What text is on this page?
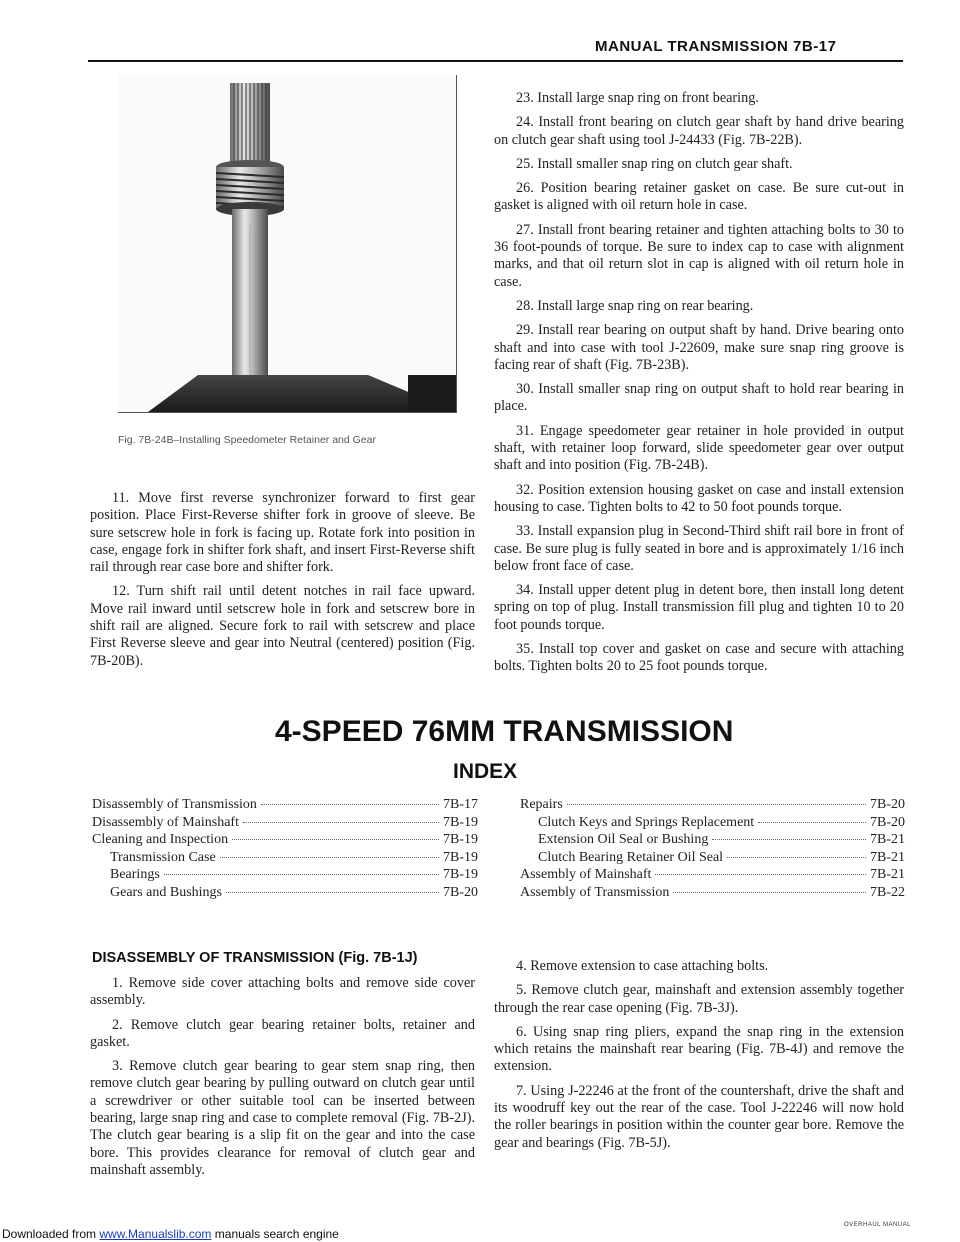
MANUAL TRANSMISSION 7B-17
Fig. 7B-24B–Installing Speedometer Retainer and Gear

11. Move first reverse synchronizer forward to first gear position. Place First-Reverse shifter fork in groove of sleeve. Be sure setscrew hole in fork is facing up. Rotate fork into position in case, engage fork in shifter fork shaft, and insert First-Reverse shift rail through rear case bore and shifter fork.

12. Turn shift rail until detent notches in rail face upward. Move rail inward until setscrew hole in fork and setscrew bore in shift rail are aligned. Secure fork to rail with setscrew and place First Reverse sleeve and gear into Neutral (centered) position (Fig. 7B-20B).

23. Install large snap ring on front bearing.

24. Install front bearing on clutch gear shaft by hand drive bearing on clutch gear shaft using tool J-24433 (Fig. 7B-22B).

25. Install smaller snap ring on clutch gear shaft.

26. Position bearing retainer gasket on case. Be sure cut-out in gasket is aligned with oil return hole in case.

27. Install front bearing retainer and tighten attaching bolts to 30 to 36 foot-pounds of torque. Be sure to index cap to case with alignment marks, and that oil return slot in cap is aligned with oil return hole in case.

28. Install large snap ring on rear bearing.

29. Install rear bearing on output shaft by hand. Drive bearing onto shaft and into case with tool J-22609, make sure snap ring groove is facing rear of shaft (Fig. 7B-23B).

30. Install smaller snap ring on output shaft to hold rear bearing in place.

31. Engage speedometer gear retainer in hole provided in output shaft, with retainer loop forward, slide speedometer gear over output shaft and into position (Fig. 7B-24B).

32. Position extension housing gasket on case and install extension housing to case. Tighten bolts to 42 to 50 foot pounds torque.

33. Install expansion plug in Second-Third shift rail bore in front of case. Be sure plug is fully seated in bore and is approximately 1/16 inch below front face of case.

34. Install upper detent plug in detent bore, then install long detent spring on top of plug. Install transmission fill plug and tighten 10 to 20 foot pounds torque.

35. Install top cover and gasket on case and secure with attaching bolts. Tighten bolts 20 to 25 foot pounds torque.

4-SPEED 76MM TRANSMISSION
INDEX
Disassembly of Transmission	7B-17
Disassembly of Mainshaft	7B-19
Cleaning and Inspection	7B-19
Transmission Case	7B-19
Bearings	7B-19
Gears and Bushings	7B-20
Repairs	7B-20
Clutch Keys and Springs Replacement	7B-20
Extension Oil Seal or Bushing	7B-21
Clutch Bearing Retainer Oil Seal	7B-21
Assembly of Mainshaft	7B-21
Assembly of Transmission	7B-22
DISASSEMBLY OF TRANSMISSION (Fig. 7B-1J)

1. Remove side cover attaching bolts and remove side cover assembly.

2. Remove clutch gear bearing retainer bolts, retainer and gasket.

3. Remove clutch gear bearing to gear stem snap ring, then remove clutch gear bearing by pulling outward on clutch gear until a screwdriver or other suitable tool can be inserted between bearing, large snap ring and case to complete removal (Fig. 7B-2J). The clutch gear bearing is a slip fit on the gear and into the case bore. This provides clearance for removal of clutch gear and mainshaft assembly.

4. Remove extension to case attaching bolts.

5. Remove clutch gear, mainshaft and extension assembly together through the rear case opening (Fig. 7B-3J).

6. Using snap ring pliers, expand the snap ring in the extension which retains the mainshaft rear bearing (Fig. 7B-4J) and remove the extension.

7. Using J-22246 at the front of the countershaft, drive the shaft and its woodruff key out the rear of the case. Tool J-22246 will now hold the roller bearings in position within the counter gear bore. Remove the gear and bearings (Fig. 7B-5J).

Downloaded from www.Manualslib.com manuals search engine
OVERHAUL MANUAL
